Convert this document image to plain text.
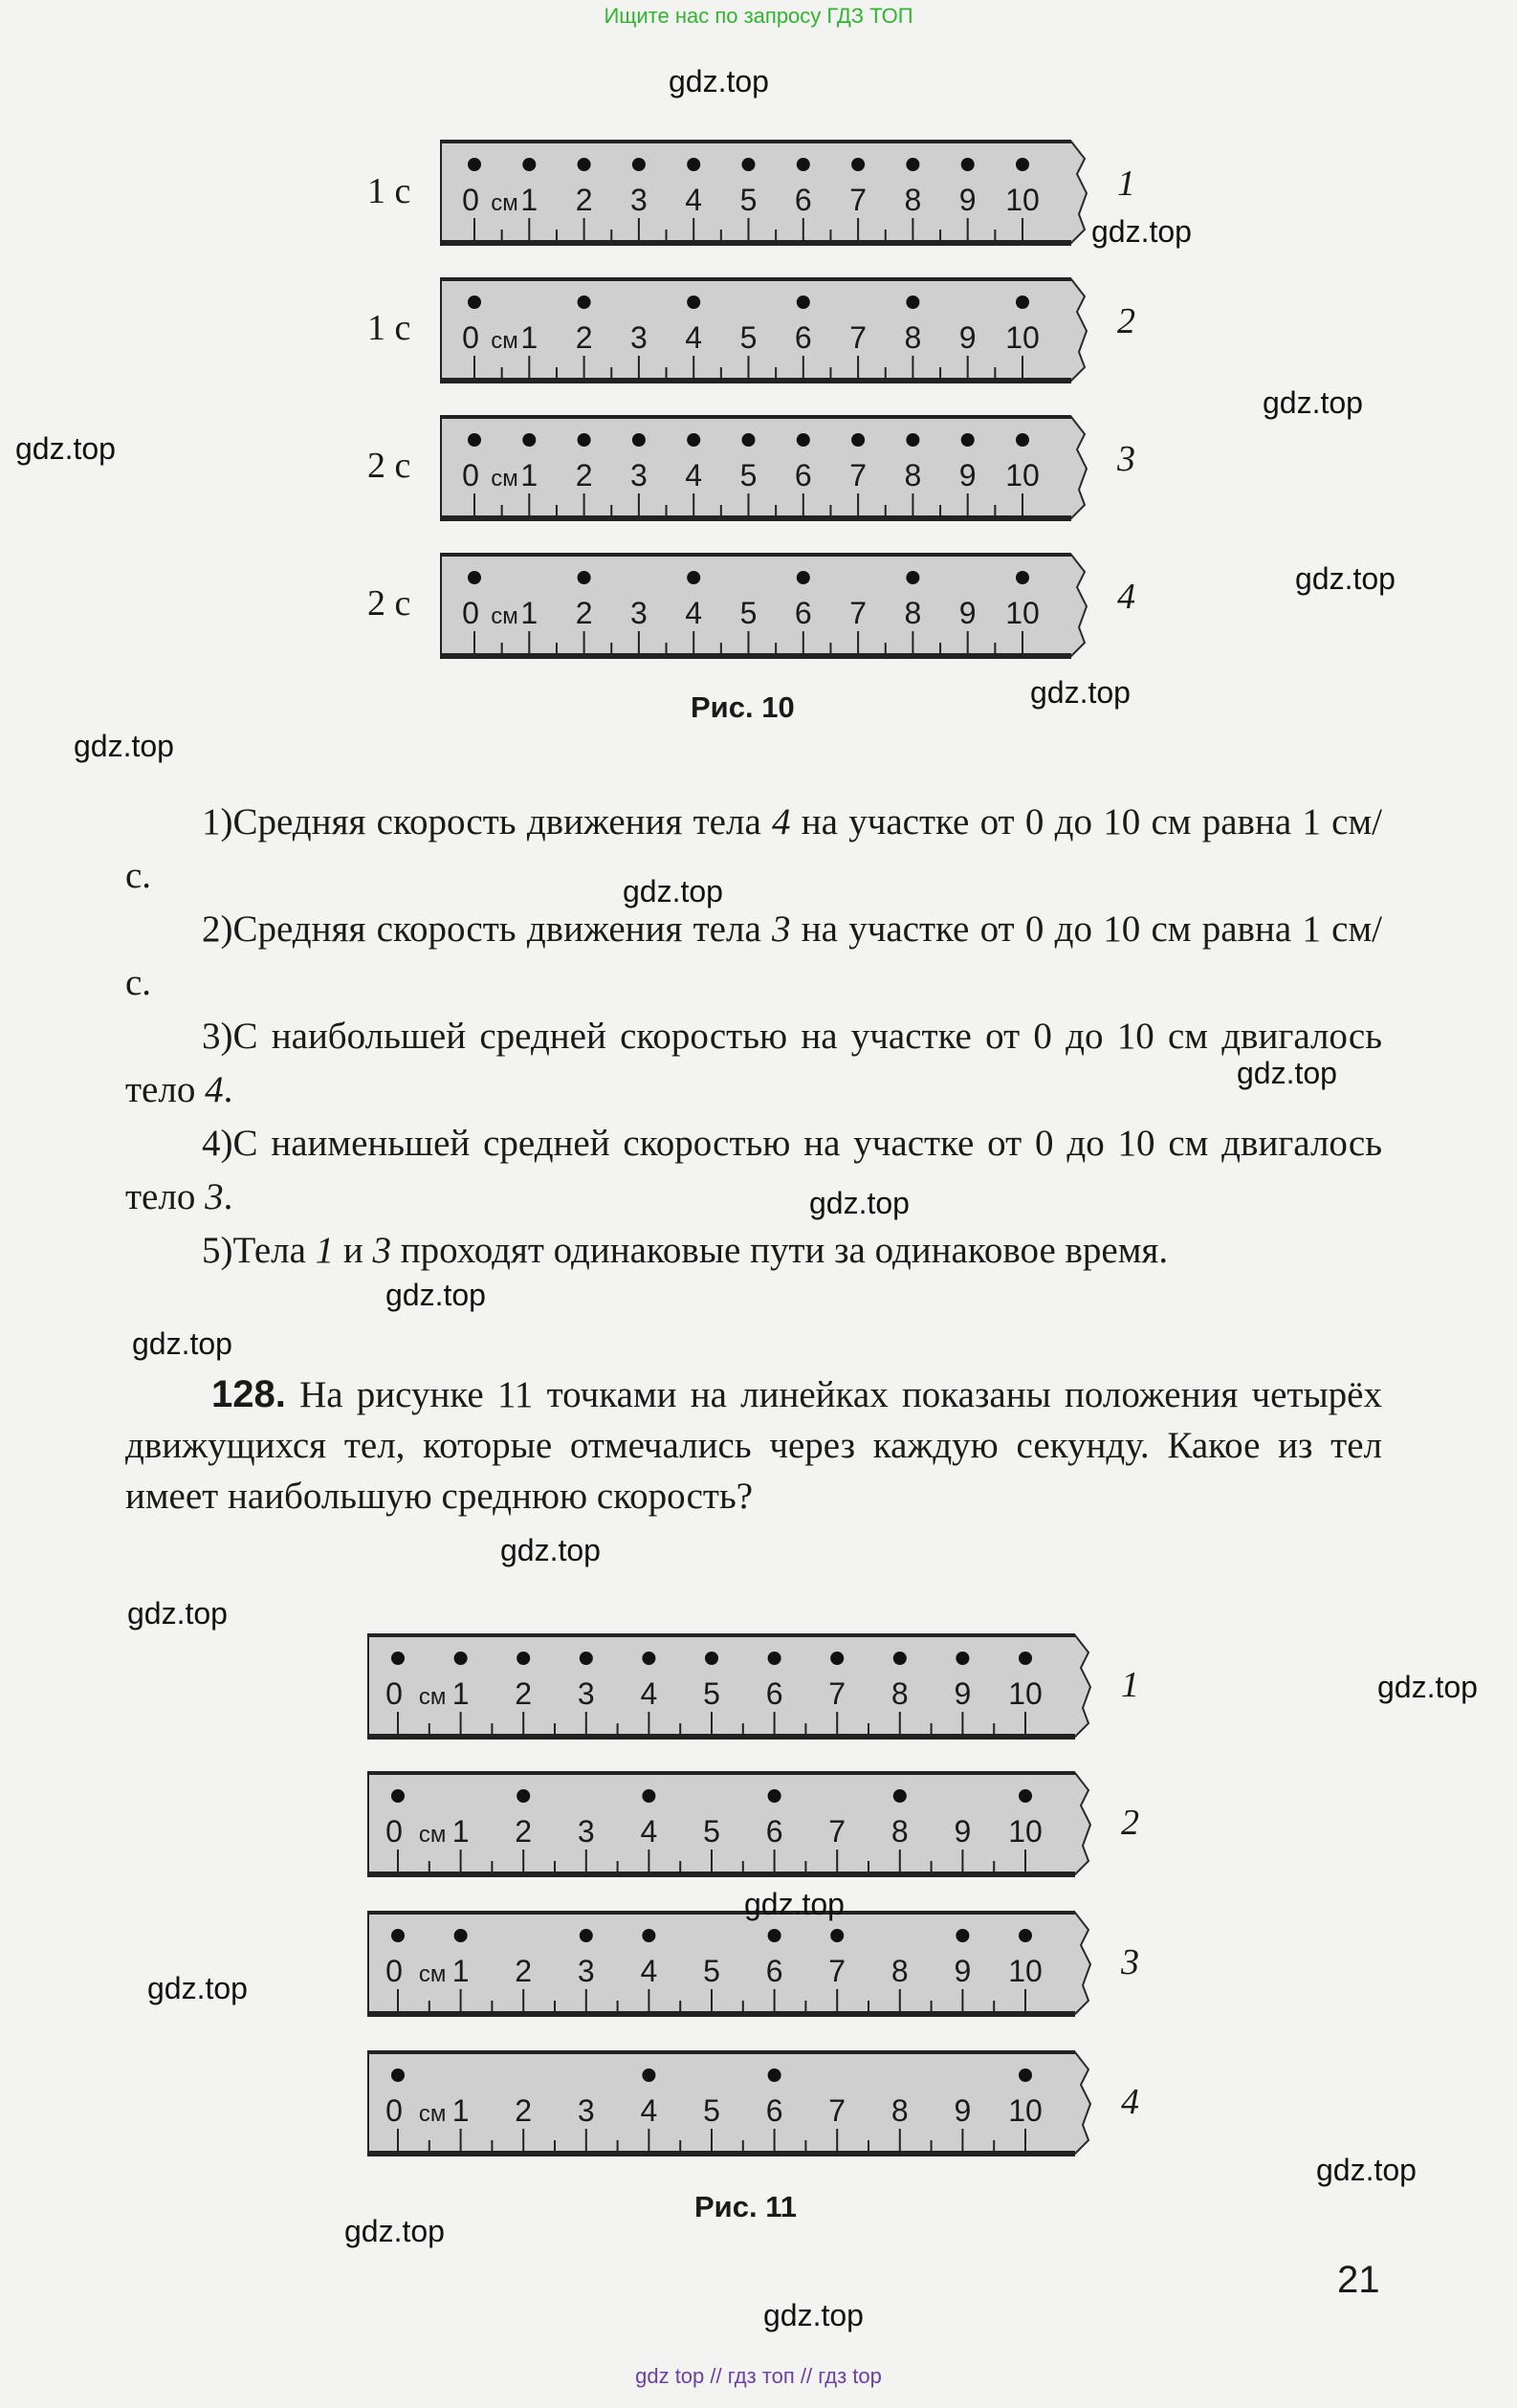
Ищите нас по запросу ГДЗ ТОП
1 с
1 с
2 с
2 с
1
2
3
4
0 1 2 3 4 5 6 7 8 9 10
см
0 1 2 3 4 5 6 7 8 9 10
см
0 1 2 3 4 5 6 7 8 9 10
см
0 1 2 3 4 5 6 7 8 9 10
см
Рис. 10

1)Средняя скорость движения тела 4 на участке от 0 до 10 см равна 1 см/с.

2)Средняя скорость движения тела 3 на участке от 0 до 10 см равна 1 см/с.

3)С наибольшей средней скоростью на участке от 0 до 10 см двигалось тело 4.

4)С наименьшей средней скоростью на участке от 0 до 10 см двигалось тело 3.

5)Тела 1 и 3 проходят одинаковые пути за одинаковое время.

128. На рисунке 11 точками на линейках показаны положения четырёх движущихся тел, которые отмечались через каждую секунду. Какое из тел имеет наибольшую среднюю скорость?
1
2
3
4
0 1 2 3 4 5 6 7 8 9 10
см
0 1 2 3 4 5 6 7 8 9 10
см
0 1 2 3 4 5 6 7 8 9 10
см
0 1 2 3 4 5 6 7 8 9 10
см
Рис. 11
21
gdz.top
gdz.top
gdz.top
gdz.top
gdz.top
gdz.top
gdz.top
gdz.top
gdz.top
gdz.top
gdz.top
gdz.top
gdz.top
gdz.top
gdz.top
gdz.top
gdz.top
gdz.top
gdz.top
gdz.top
gdz top // гдз топ // гдз top
